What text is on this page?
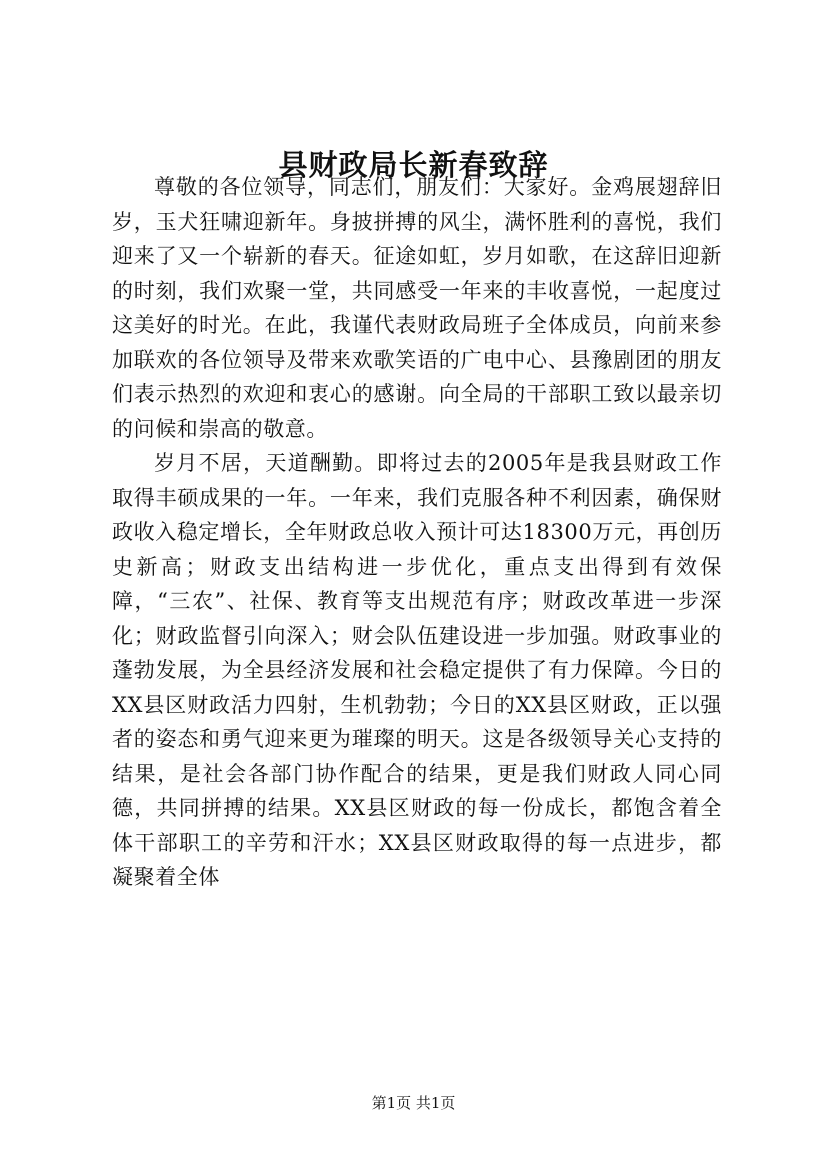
县财政局长新春致辞

尊敬的各位领导，同志们，朋友们：大家好。金鸡展翅辞旧岁，玉犬狂啸迎新年。身披拼搏的风尘，满怀胜利的喜悦，我们迎来了又一个崭新的春天。征途如虹，岁月如歌，在这辞旧迎新的时刻，我们欢聚一堂，共同感受一年来的丰收喜悦，一起度过这美好的时光。在此，我谨代表财政局班子全体成员，向前来参加联欢的各位领导及带来欢歌笑语的广电中心、县豫剧团的朋友们表示热烈的欢迎和衷心的感谢。向全局的干部职工致以最亲切的问候和崇高的敬意。

岁月不居，天道酬勤。即将过去的2005年是我县财政工作取得丰硕成果的一年。一年来，我们克服各种不利因素，确保财政收入稳定增长，全年财政总收入预计可达18300万元，再创历史新高；财政支出结构进一步优化，重点支出得到有效保障，“三农”、社保、教育等支出规范有序；财政改革进一步深化；财政监督引向深入；财会队伍建设进一步加强。财政事业的蓬勃发展，为全县经济发展和社会稳定提供了有力保障。今日的XX县区财政活力四射，生机勃勃；今日的XX县区财政，正以强者的姿态和勇气迎来更为璀璨的明天。这是各级领导关心支持的结果，是社会各部门协作配合的结果，更是我们财政人同心同德，共同拼搏的结果。XX县区财政的每一份成长，都饱含着全体干部职工的辛劳和汗水；XX县区财政取得的每一点进步，都凝聚着全体

第1页 共1页
